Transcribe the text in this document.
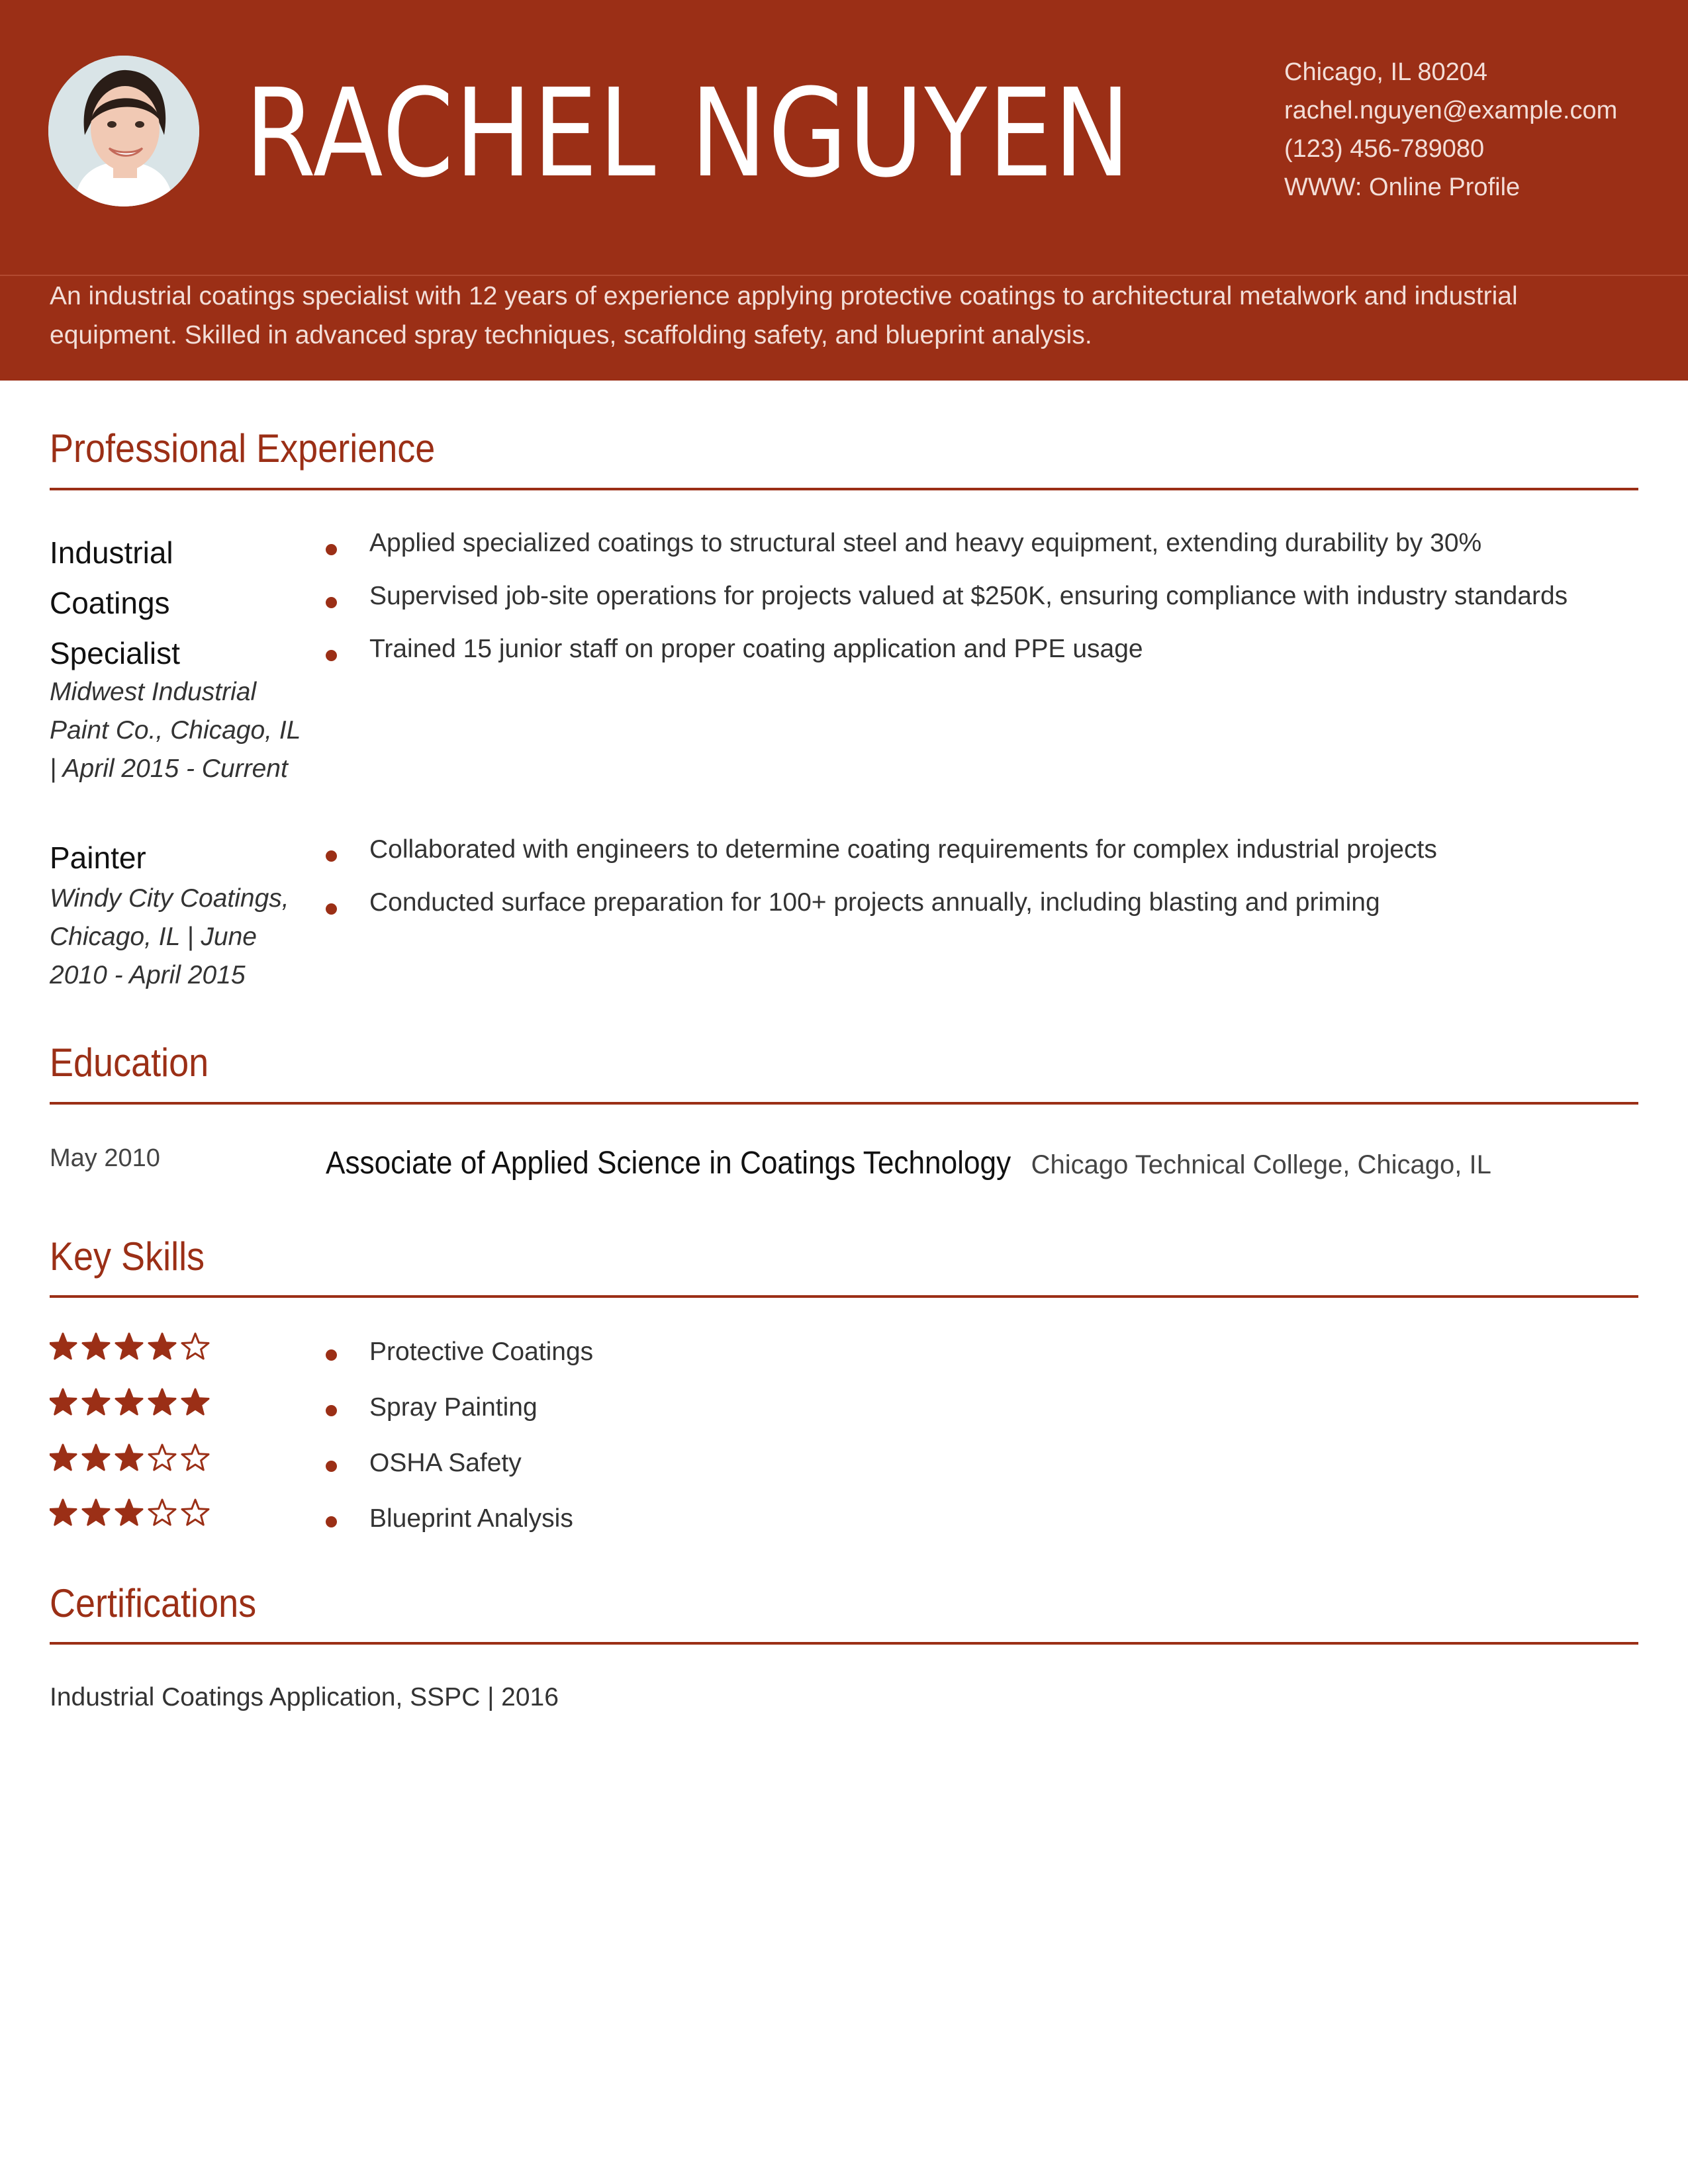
RACHEL NGUYEN	Chicago, IL 80204
rachel.nguyen@example.com
(123) 456-789080
WWW: Online Profile
An industrial coatings specialist with 12 years of experience applying protective coatings to architectural metalwork and industrial equipment. Skilled in advanced spray techniques, scaffolding safety, and blueprint analysis.
Professional Experience
Industrial Coatings Specialist
Midwest Industrial Paint Co., Chicago, IL | April 2015 - Current
Applied specialized coatings to structural steel and heavy equipment, extending durability by 30%
Supervised job-site operations for projects valued at $250K, ensuring compliance with industry standards
Trained 15 junior staff on proper coating application and PPE usage
Painter
Windy City Coatings, Chicago, IL | June 2010 - April 2015
Collaborated with engineers to determine coating requirements for complex industrial projects
Conducted surface preparation for 100+ projects annually, including blasting and priming
Education
May 2010	Associate of Applied Science in Coatings Technology Chicago Technical College, Chicago, IL
Key Skills
Protective Coatings
Spray Painting
OSHA Safety
Blueprint Analysis
Certifications
Industrial Coatings Application, SSPC | 2016
